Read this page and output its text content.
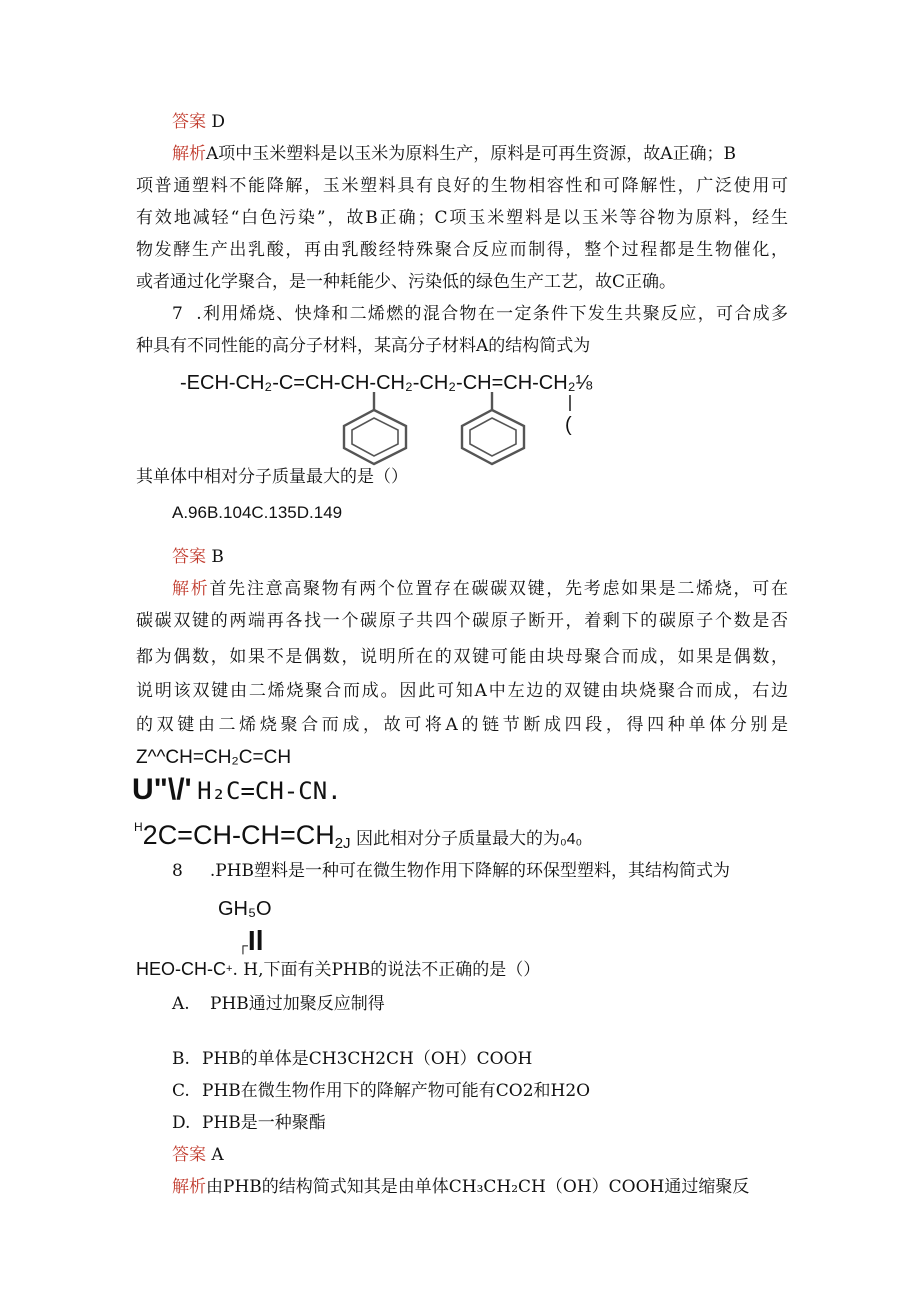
答案 D
解析A项中玉米塑料是以玉米为原料生产，原料是可再生资源，故A正确；B
项普通塑料不能降解，玉米塑料具有良好的生物相容性和可降解性，广泛使用可
有效地减轻“白色污染”，故B正确；C项玉米塑料是以玉米等谷物为原料，经生
物发酵生产出乳酸，再由乳酸经特殊聚合反应而制得，整个过程都是生物催化，
或者通过化学聚合，是一种耗能少、污染低的绿色生产工艺，故C正确。
7 .利用烯烧、快烽和二烯燃的混合物在一定条件下发生共聚反应，可合成多
种具有不同性能的高分子材料，某高分子材料A的结构简式为
-ECH-CH₂-C=CH-CH-CH₂-CH₂-CH=CH-CH₂⅛
(
其单体中相对分子质量最大的是（）
A.96B.104C.135D.149
答案 B
解析首先注意高聚物有两个位置存在碳碳双键，先考虑如果是二烯烧，可在
碳碳双键的两端再各找一个碳原子共四个碳原子断开，着剩下的碳原子个数是否
都为偶数，如果不是偶数，说明所在的双键可能由块母聚合而成，如果是偶数，
说明该双键由二烯烧聚合而成。因此可知A中左边的双键由块烧聚合而成，右边
的双键由二烯烧聚合而成，故可将A的链节断成四段，得四种单体分别是
Z^^CH=CH₂C=CH
U"\/' H₂C=CH-CN.
$^H$2C=CH-CH=CH2J 因此相对分子质量最大的为₀4₀
8 .PHB塑料是一种可在微生物作用下降解的环保型塑料，其结构简式为
GH₅O
┌Il
HEO-CH-C+. H,下面有关PHB的说法不正确的是（）
A. PHB通过加聚反应制得
B. PHB的单体是CH3CH2CH（OH）COOH
C. PHB在微生物作用下的降解产物可能有CO2和H2O
D. PHB是一种聚酯
答案 A
解析由PHB的结构简式知其是由单体CH₃CH₂CH（OH）COOH通过缩聚反
